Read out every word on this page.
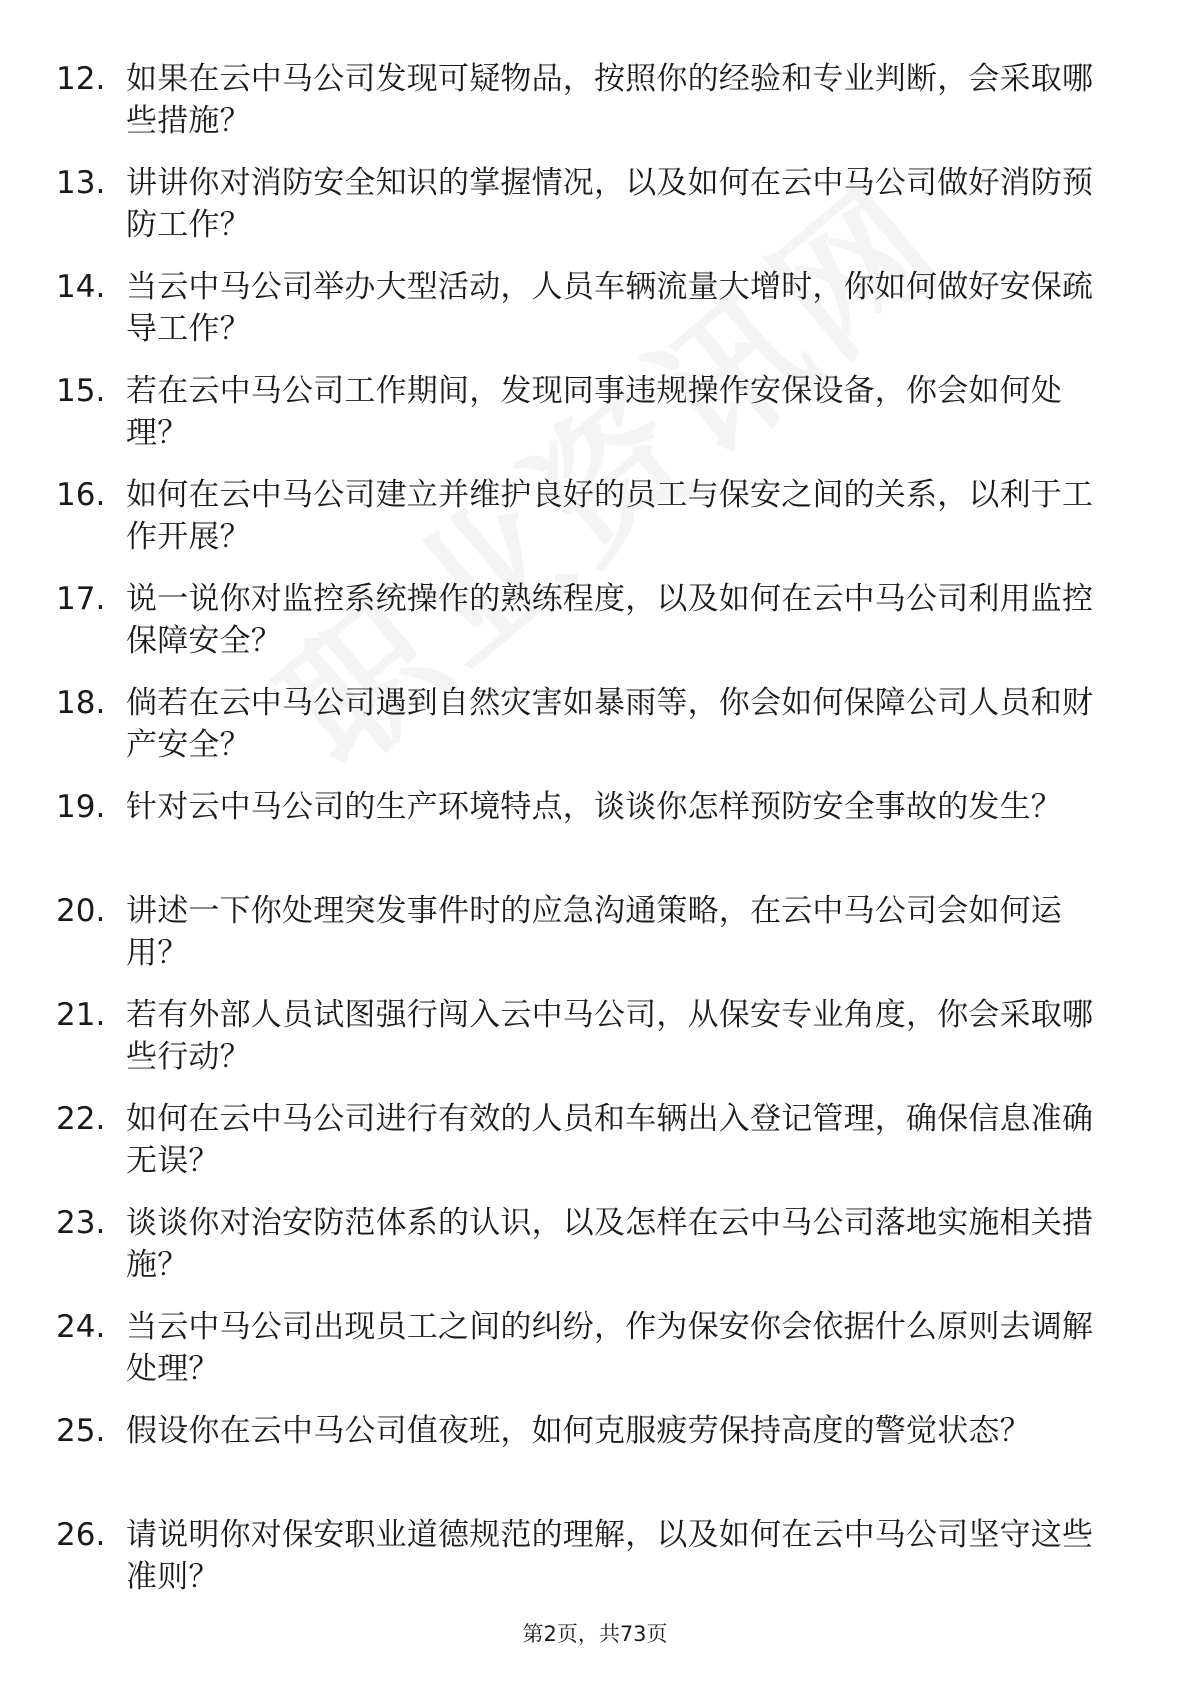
12. 如果在云中马公司发现可疑物品，按照你的经验和专业判断，会采取哪些措施？
13. 讲讲你对消防安全知识的掌握情况，以及如何在云中马公司做好消防预防工作？
14. 当云中马公司举办大型活动，人员车辆流量大增时，你如何做好安保疏导工作？
15. 若在云中马公司工作期间，发现同事违规操作安保设备，你会如何处理？
16. 如何在云中马公司建立并维护良好的员工与保安之间的关系，以利于工作开展？
17. 说一说你对监控系统操作的熟练程度，以及如何在云中马公司利用监控保障安全？
18. 倘若在云中马公司遇到自然灾害如暴雨等，你会如何保障公司人员和财产安全？
19. 针对云中马公司的生产环境特点，谈谈你怎样预防安全事故的发生？
20. 讲述一下你处理突发事件时的应急沟通策略，在云中马公司会如何运用？
21. 若有外部人员试图强行闯入云中马公司，从保安专业角度，你会采取哪些行动？
22. 如何在云中马公司进行有效的人员和车辆出入登记管理，确保信息准确无误？
23. 谈谈你对治安防范体系的认识，以及怎样在云中马公司落地实施相关措施？
24. 当云中马公司出现员工之间的纠纷，作为保安你会依据什么原则去调解处理？
25. 假设你在云中马公司值夜班，如何克服疲劳保持高度的警觉状态？
26. 请说明你对保安职业道德规范的理解，以及如何在云中马公司坚守这些准则？
第2页，共73页
